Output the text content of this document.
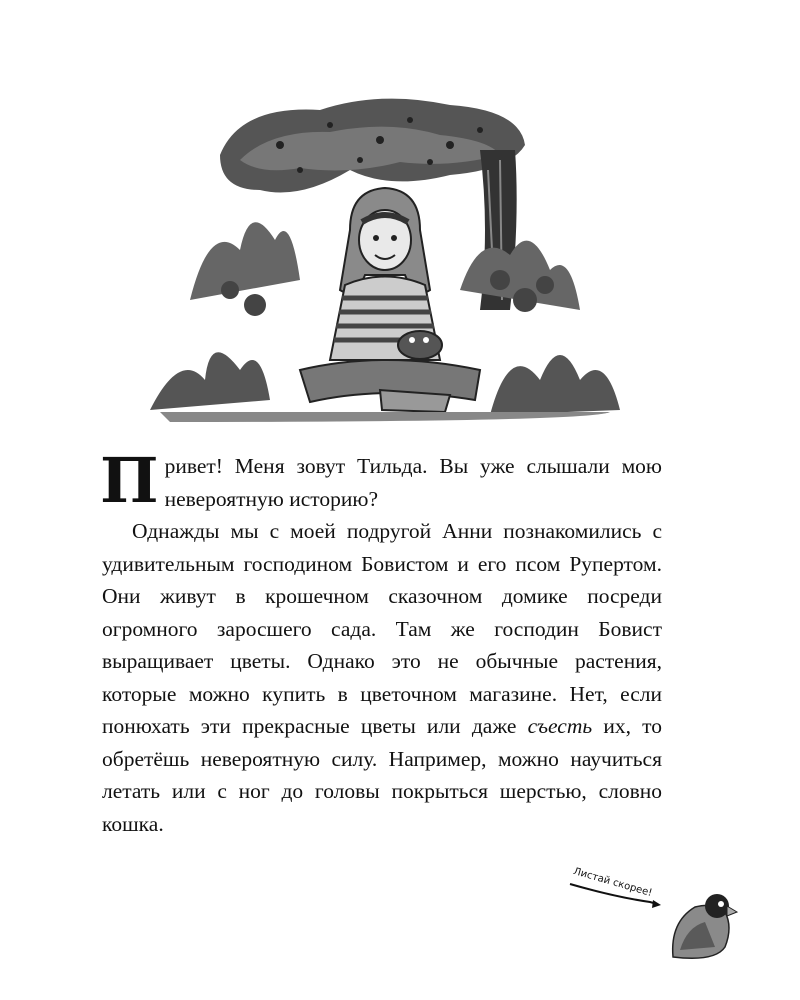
Привет! Меня зовут Тильда. Вы уже слышали мою невероятную историю?

Однажды мы с моей подругой Анни познакомились с удивительным господином Бовистом и его псом Рупертом. Они живут в крошечном сказочном домике посреди огромного заросшего сада. Там же господин Бовист выращивает цветы. Однако это не обычные растения, которые можно купить в цветочном магазине. Нет, если понюхать эти прекрасные цветы или даже съесть их, то обретёшь невероятную силу. Например, можно научиться летать или с ног до головы покрыться шерстью, словно кошка.

Листай скорее!
